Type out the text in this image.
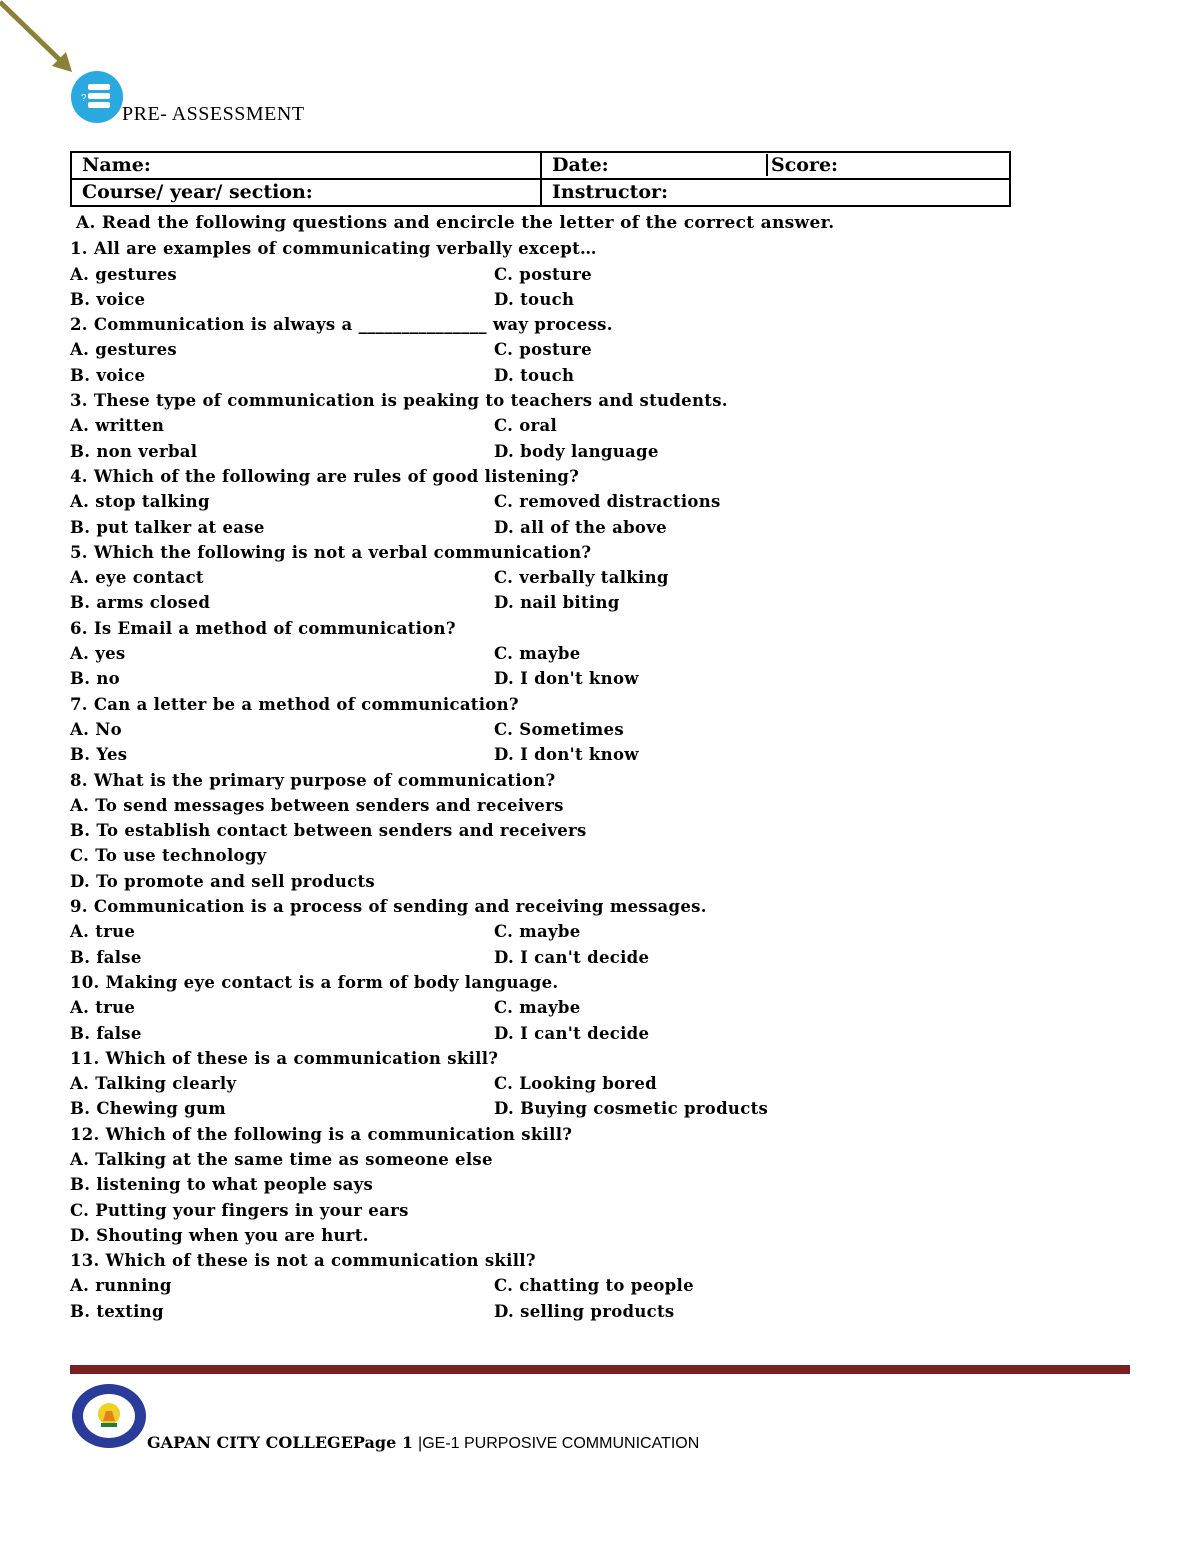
?
PRE- ASSESSMENT
Name:	Date: Score:
Course/ year/ section:	Instructor:
A. Read the following questions and encircle the letter of the correct answer.
1. All are examples of communicating verbally except…
A. gestures	C. posture
B. voice	D. touch
2. Communication is always a _______________ way process.
A. gestures	C. posture
B. voice	D. touch
3. These type of communication is peaking to teachers and students.
A. written	C. oral
B. non verbal	D. body language
4. Which of the following are rules of good listening?
A. stop talking	C. removed distractions
B. put talker at ease	D. all of the above
5. Which the following is not a verbal communication?
A. eye contact	C. verbally talking
B. arms closed	D. nail biting
6. Is Email a method of communication?
A. yes	C. maybe
B. no	D. I don't know
7. Can a letter be a method of communication?
A. No	C. Sometimes
B. Yes	D. I don't know
8. What is the primary purpose of communication?
A. To send messages between senders and receivers
B. To establish contact between senders and receivers
C. To use technology
D. To promote and sell products
9. Communication is a process of sending and receiving messages.
A. true	C. maybe
B. false	D. I can't decide
10. Making eye contact is a form of body language.
A. true	C. maybe
B. false	D. I can't decide
11. Which of these is a communication skill?
A. Talking clearly	C. Looking bored
B. Chewing gum	D. Buying cosmetic products
12. Which of the following is a communication skill?
A. Talking at the same time as someone else
B. listening to what people says
C. Putting your fingers in your ears
D. Shouting when you are hurt.
13. Which of these is not a communication skill?
A. running	C. chatting to people
B. texting	D. selling products
GAPAN CITY COLLEGEPage 1 |GE-1 PURPOSIVE COMMUNICATION
